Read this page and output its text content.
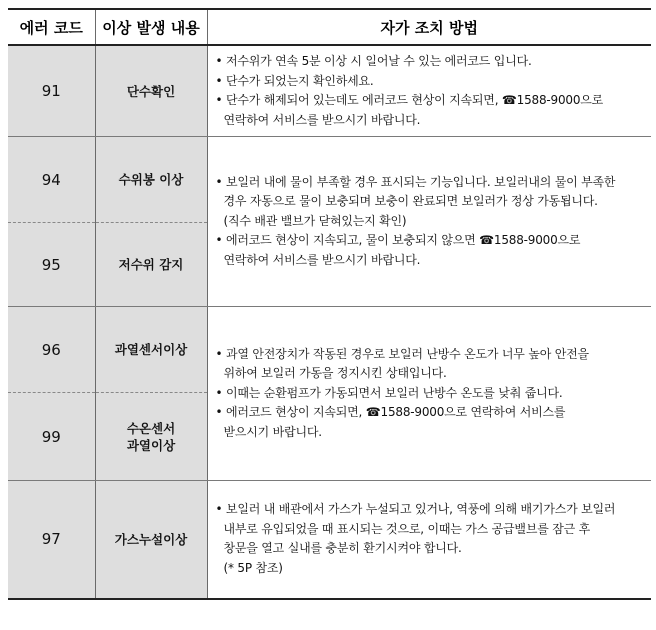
에러 코드	이상 발생 내용	자가 조치 방법
91	단수확인	• 저수위가 연속 5분 이상 시 일어날 수 있는 에러코드 입니다.
• 단수가 되었는지 확인하세요.
• 단수가 해제되어 있는데도 에러코드 현상이 지속되면, ☎1588-9000으로
연락하여 서비스를 받으시기 바랍니다.

94	수위봉 이상	• 보일러 내에 물이 부족할 경우 표시되는 기능입니다. 보일러내의 물이 부족한
경우 자동으로 물이 보충되며 보충이 완료되면 보일러가 정상 가동됩니다.
(직수 배관 밸브가 닫혀있는지 확인)
• 에러코드 현상이 지속되고, 물이 보충되지 않으면 ☎1588-9000으로
연락하여 서비스를 받으시기 바랍니다.

95	저수위 감지	
96	과열센서이상	• 과열 안전장치가 작동된 경우로 보일러 난방수 온도가 너무 높아 안전을
위하여 보일러 가동을 정지시킨 상태입니다.
• 이때는 순환펌프가 가동되면서 보일러 난방수 온도를 낮춰 줍니다.
• 에러코드 현상이 지속되면, ☎1588-9000으로 연락하여 서비스를
받으시기 바랍니다.

99	수온센서
과열이상	

97	가스누설이상	• 보일러 내 배관에서 가스가 누설되고 있거나, 역풍에 의해 배기가스가 보일러
내부로 유입되었을 때 표시되는 것으로, 이때는 가스 공급밸브를 잠근 후
창문을 열고 실내를 충분히 환기시켜야 합니다.
(* 5P 참조)
